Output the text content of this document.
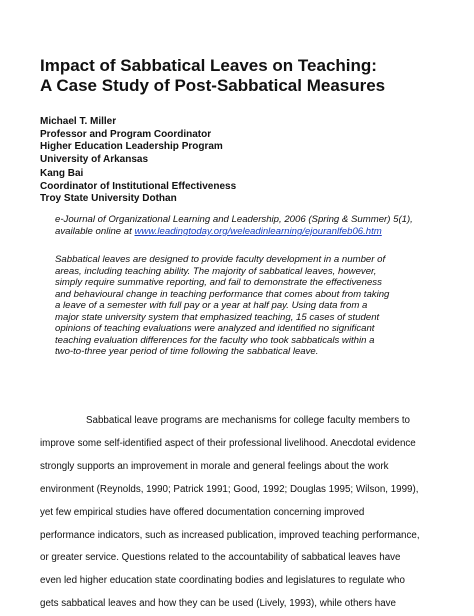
Impact of Sabbatical Leaves on Teaching:
A Case Study of Post-Sabbatical Measures
Michael T. Miller
Professor and Program Coordinator
Higher Education Leadership Program
University of Arkansas
Kang Bai
Coordinator of Institutional Effectiveness
Troy State University Dothan
e-Journal of Organizational Learning and Leadership, 2006 (Spring & Summer) 5(1),
available online at www.leadingtoday.org/weleadinlearning/ejouranlfeb06.htm
Sabbatical leaves are designed to provide faculty development in a number of
areas, including teaching ability. The majority of sabbatical leaves, however,
simply require summative reporting, and fail to demonstrate the effectiveness
and behavioural change in teaching performance that comes about from taking
a leave of a semester with full pay or a year at half pay. Using data from a
major state university system that emphasized teaching, 15 cases of student
opinions of teaching evaluations were analyzed and identified no significant
teaching evaluation differences for the faculty who took sabbaticals within a
two-to-three year period of time following the sabbatical leave.
Sabbatical leave programs are mechanisms for college faculty members to
improve some self-identified aspect of their professional livelihood. Anecdotal evidence
strongly supports an improvement in morale and general feelings about the work
environment (Reynolds, 1990; Patrick 1991; Good, 1992; Douglas 1995; Wilson, 1999),
yet few empirical studies have offered documentation concerning improved
performance indicators, such as increased publication, improved teaching performance,
or greater service. Questions related to the accountability of sabbatical leaves have
even led higher education state coordinating bodies and legislatures to regulate who
gets sabbatical leaves and how they can be used (Lively, 1993), while others have
